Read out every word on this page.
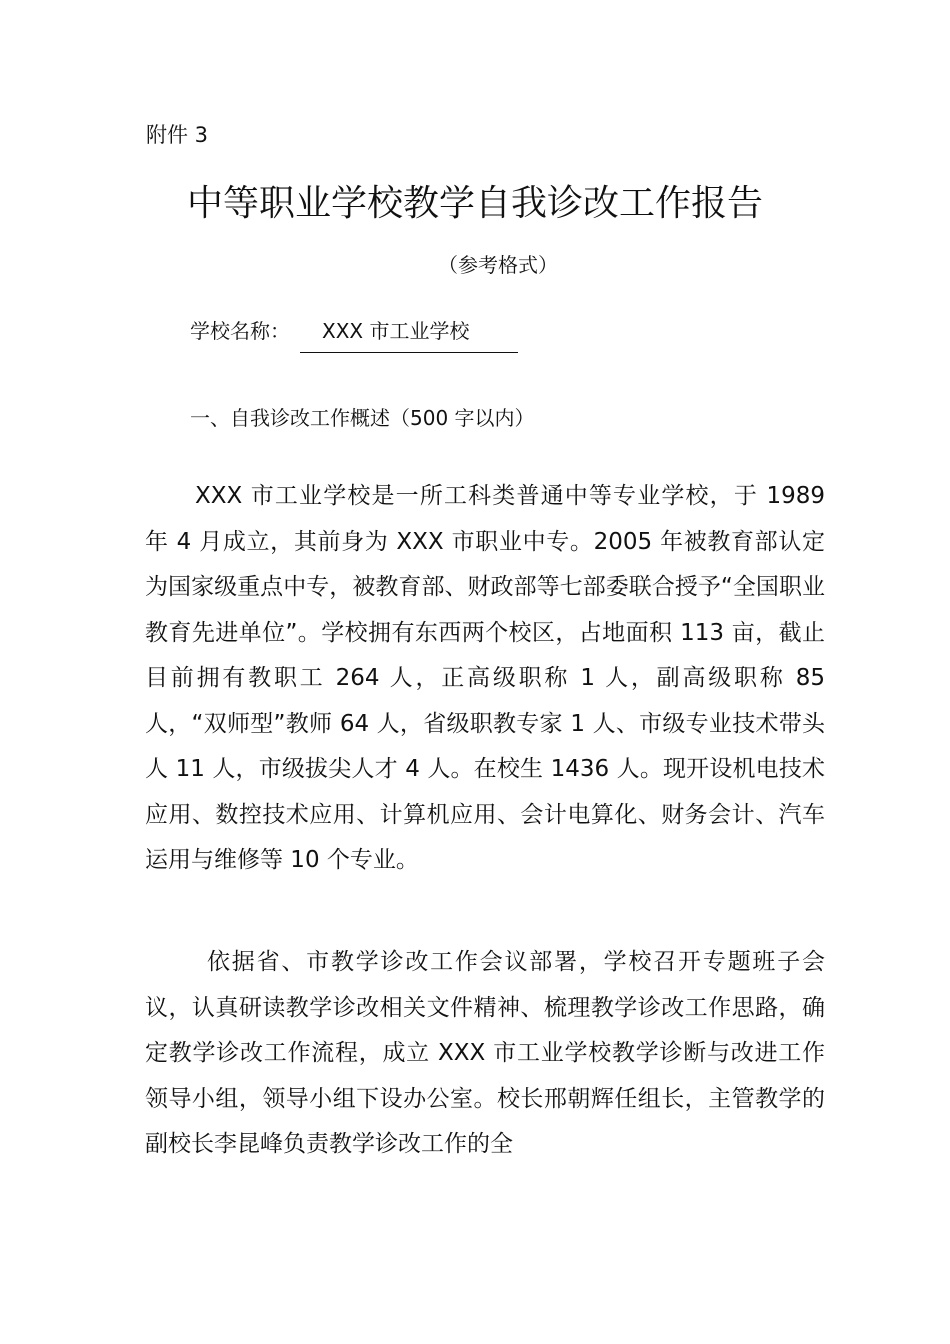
附件 3
中等职业学校教学自我诊改工作报告
（参考格式）
学校名称：	XXX 市工业学校
一、自我诊改工作概述（500 字以内）

XXX 市工业学校是一所工科类普通中等专业学校，于 1989 年 4 月成立，其前身为 XXX 市职业中专。2005 年被教育部认定为国家级重点中专，被教育部、财政部等七部委联合授予“全国职业教育先进单位”。学校拥有东西两个校区，占地面积 113 亩，截止目前拥有教职工 264 人，正高级职称 1 人，副高级职称 85 人，“双师型”教师 64 人，省级职教专家 1 人、市级专业技术带头人 11 人，市级拔尖人才 4 人。在校生 1436 人。现开设机电技术应用、数控技术应用、计算机应用、会计电算化、财务会计、汽车运用与维修等 10 个专业。

依据省、市教学诊改工作会议部署，学校召开专题班子会议，认真研读教学诊改相关文件精神、梳理教学诊改工作思路，确定教学诊改工作流程，成立 XXX 市工业学校教学诊断与改进工作领导小组，领导小组下设办公室。校长邢朝辉任组长，主管教学的副校长李昆峰负责教学诊改工作的全
